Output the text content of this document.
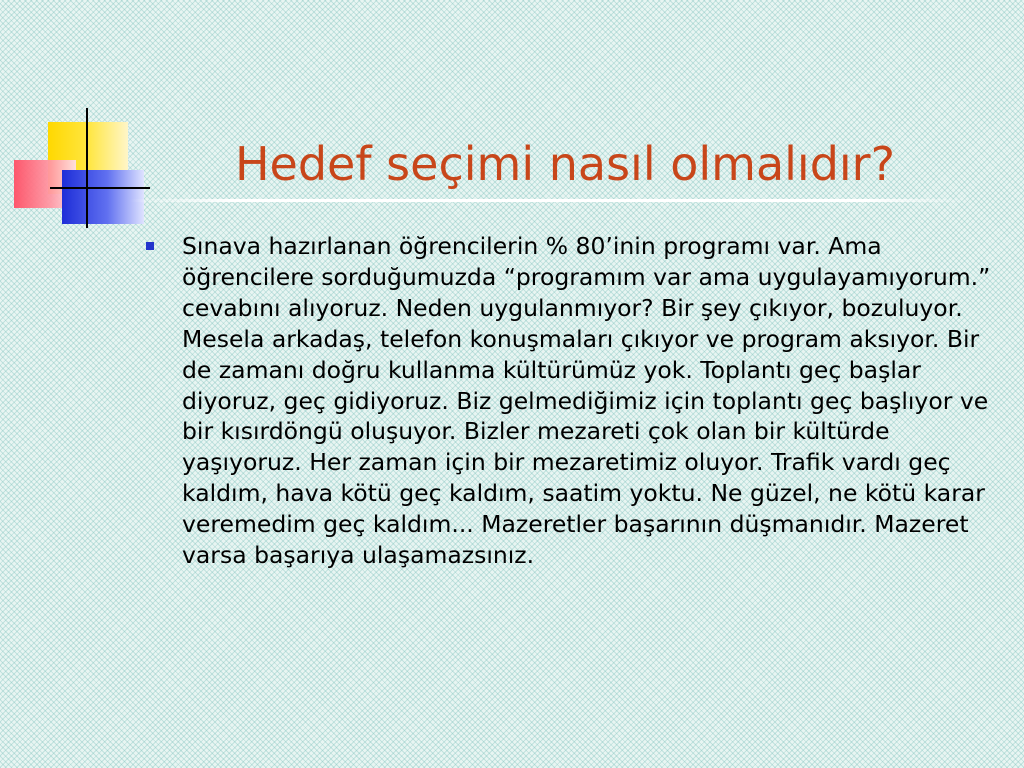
Hedef seçimi nasıl olmalıdır?
Sınava hazırlanan öğrencilerin % 80’inin programı var. Ama öğrencilere sorduğumuzda “programım var ama uygulayamıyorum.” cevabını alıyoruz. Neden uygulanmıyor? Bir şey çıkıyor, bozuluyor. Mesela arkadaş, telefon konuşmaları çıkıyor ve program aksıyor. Bir de zamanı doğru kullanma kültürümüz yok. Toplantı geç başlar diyoruz, geç gidiyoruz. Biz gelmediğimiz için toplantı geç başlıyor ve bir kısırdöngü oluşuyor. Bizler mezareti çok olan bir kültürde yaşıyoruz. Her zaman için bir mezaretimiz oluyor. Trafik vardı geç kaldım, hava kötü geç kaldım, saatim yoktu. Ne güzel, ne kötü karar veremedim geç kaldım... Mazeretler başarının düşmanıdır. Mazeret varsa başarıya ulaşamazsınız.
